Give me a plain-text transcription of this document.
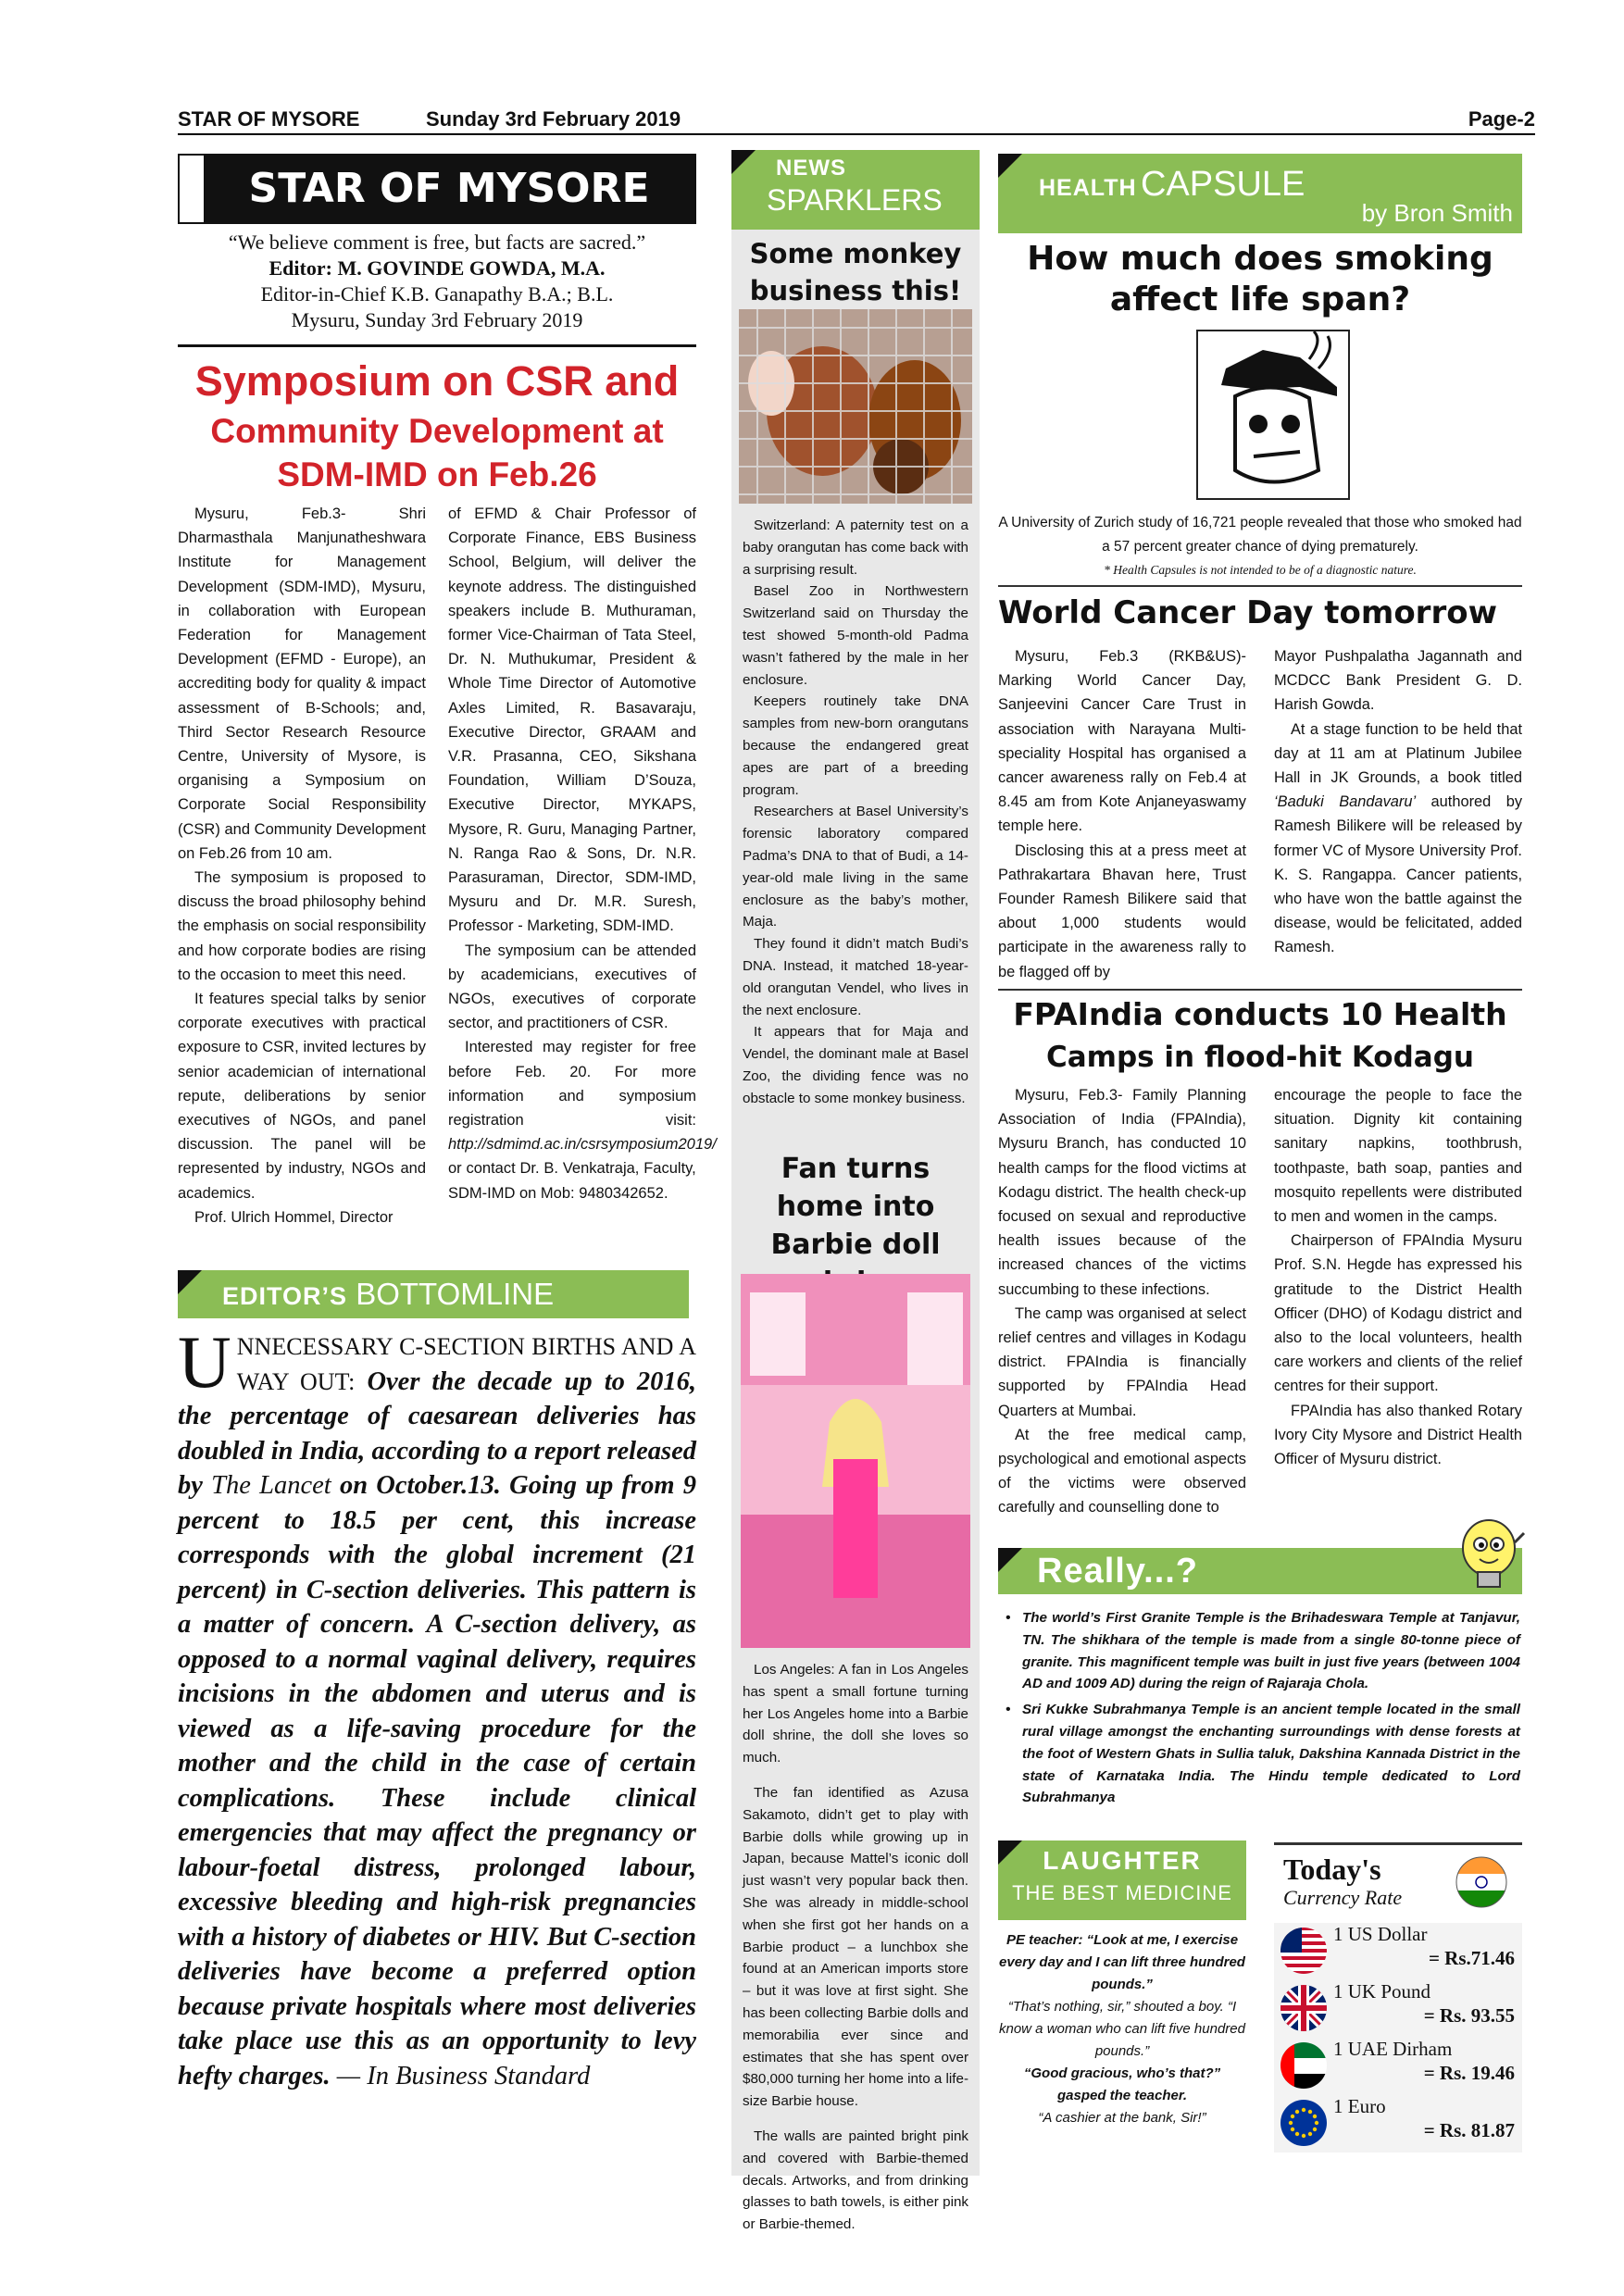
STAR OF MYSORE	Sunday 3rd February 2019	Page-2
STAR OF MYSORE
“We believe comment is free, but facts are sacred.”
Editor: M. GOVINDE GOWDA, M.A.
Editor-in-Chief K.B. Ganapathy B.A.; B.L.
Mysuru, Sunday 3rd February 2019
Symposium on CSR and
Community Development at
SDM-IMD on Feb.26

Mysuru, Feb.3- Shri Dharmasthala Manjunatheshwara Institute for Management Development (SDM-IMD), Mysuru, in collaboration with European Federation for Management Development (EFMD - Europe), an accrediting body for quality & impact assessment of B-Schools; and, Third Sector Research Resource Centre, University of Mysore, is organising a Symposium on Corporate Social Responsibility (CSR) and Community Development on Feb.26 from 10 am.

The symposium is proposed to discuss the broad philosophy behind the emphasis on social responsibility and how corporate bodies are rising to the occasion to meet this need.

It features special talks by senior corporate executives with practical exposure to CSR, invited lectures by senior academician of international repute, deliberations by senior executives of NGOs, and panel discussion. The panel will be represented by industry, NGOs and academics.

Prof. Ulrich Hommel, Director

of EFMD & Chair Professor of Corporate Finance, EBS Business School, Belgium, will deliver the keynote address. The distinguished speakers include B. Muthuraman, former Vice-Chairman of Tata Steel, Dr. N. Muthukumar, President & Whole Time Director of Automotive Axles Limited, R. Basavaraju, Executive Director, GRAAM and V.R. Prasanna, CEO, Sikshana Foundation, William D’Souza, Executive Director, MYKAPS, Mysore, R. Guru, Managing Partner, N. Ranga Rao & Sons, Dr. N.R. Parasuraman, Director, SDM-IMD, Mysuru and Dr. M.R. Suresh, Professor - Marketing, SDM-IMD.

The symposium can be attended by academicians, executives of NGOs, executives of corporate sector, and practitioners of CSR.

Interested may register for free before Feb. 20. For more information and symposium registration visit: http://sdmimd.ac.in/csrsymposium2019/ or contact Dr. B. Venkatraja, Faculty, SDM-IMD on Mob: 9480342652.

EDITOR’S BOTTOMLINE
UNNECESSARY C-SECTION BIRTHS AND A WAY OUT: Over the decade up to 2016, the percentage of caesarean deliveries has doubled in India, according to a report released by The Lancet on October.13. Going up from 9 percent to 18.5 per cent, this increase corresponds with the global increment (21 percent) in C-section deliveries. This pattern is a matter of concern. A C-section delivery, as opposed to a normal vaginal delivery, requires incisions in the abdomen and uterus and is viewed as a life-saving procedure for the mother and the child in the case of certain complications. These include clinical emergencies that may affect the pregnancy or labour-foetal distress, prolonged labour, excessive bleeding and high-risk pregnancies with a history of diabetes or HIV. But C-section deliveries have become a preferred option because private hospitals where most deliveries take place use this as an opportunity to levy hefty charges. — In Business Standard
NEWS
SPARKLERS
Some monkey business this!

Switzerland: A paternity test on a baby orangutan has come back with a surprising result.

Basel Zoo in Northwestern Switzerland said on Thursday the test showed 5-month-old Padma wasn’t fathered by the male in her enclosure.

Keepers routinely take DNA samples from new-born orangutans because the endangered great apes are part of a breeding program.

Researchers at Basel University’s forensic laboratory compared Padma’s DNA to that of Budi, a 14-year-old male living in the same enclosure as the baby’s mother, Maja.

They found it didn’t match Budi’s DNA. Instead, it matched 18-year-old orangutan Vendel, who lives in the next enclosure.

It appears that for Maja and Vendel, the dominant male at Basel Zoo, the dividing fence was no obstacle to some monkey business.

Fan turns home into Barbie doll

Los Angeles: A fan in Los Angeles has spent a small fortune turning her Los Angeles home into a Barbie doll shrine, the doll she loves so much.

The fan identified as Azusa Sakamoto, didn’t get to play with Barbie dolls while growing up in Japan, because Mattel’s iconic doll just wasn’t very popular back then. She was already in middle-school when she first got her hands on a Barbie product – a lunchbox she found at an American imports store – but it was love at first sight. She has been collecting Barbie dolls and memorabilia ever since and estimates that she has spent over $80,000 turning her home into a life-size Barbie house.

The walls are painted bright pink and covered with Barbie-themed decals. Artworks, and from drinking glasses to bath towels, is either pink or Barbie-themed.

HEALTH CAPSULE
by Bron Smith
How much does smoking affect life span?
A University of Zurich study of 16,721 people revealed that those who smoked had a 57 percent greater chance of dying prematurely.
* Health Capsules is not intended to be of a diagnostic nature.
World Cancer Day tomorrow

Mysuru, Feb.3 (RKB&US)- Marking World Cancer Day, Sanjeevini Cancer Care Trust in association with Narayana Multi-speciality Hospital has organised a cancer awareness rally on Feb.4 at 8.45 am from Kote Anjaneyaswamy temple here.

Disclosing this at a press meet at Pathrakartara Bhavan here, Trust Founder Ramesh Bilikere said that about 1,000 students would participate in the awareness rally to be flagged off by

Mayor Pushpalatha Jagannath and MCDCC Bank President G. D. Harish Gowda.

At a stage function to be held that day at 11 am at Platinum Jubilee Hall in JK Grounds, a book titled ‘Baduki Bandavaru’ authored by Ramesh Bilikere will be released by former VC of Mysore University Prof. K. S. Rangappa. Cancer patients, who have won the battle against the disease, would be felicitated, added Ramesh.

FPAIndia conducts 10 Health
Camps in flood-hit Kodagu

Mysuru, Feb.3- Family Planning Association of India (FPAIndia), Mysuru Branch, has conducted 10 health camps for the flood victims at Kodagu district. The health check-up focused on sexual and reproductive health issues because of the increased chances of the victims succumbing to these infections.

The camp was organised at select relief centres and villages in Kodagu district. FPAIndia is financially supported by FPAIndia Head Quarters at Mumbai.

At the free medical camp, psychological and emotional aspects of the victims were observed carefully and counselling done to

encourage the people to face the situation. Dignity kit containing sanitary napkins, toothbrush, toothpaste, bath soap, panties and mosquito repellents were distributed to men and women in the camps.

Chairperson of FPAIndia Mysuru Prof. S.N. Hegde has expressed his gratitude to the District Health Officer (DHO) of Kodagu district and also to the local volunteers, health care workers and clients of the relief centres for their support.

FPAIndia has also thanked Rotary Ivory City Mysore and District Health Officer of Mysuru district.

Really...?
• The world’s First Granite Temple is the Brihadeswara Temple at Tanjavur, TN. The shikhara of the temple is made from a single 80-tonne piece of granite. This magnificent temple was built in just five years (between 1004 AD and 1009 AD) during the reign of Rajaraja Chola.
• Sri Kukke Subrahmanya Temple is an ancient temple located in the small rural village amongst the enchanting surroundings with dense forests at the foot of Western Ghats in Sullia taluk, Dakshina Kannada District in the state of Karnataka India. The Hindu temple dedicated to Lord Subrahmanya
LAUGHTER
THE BEST MEDICINE
PE teacher: “Look at me, I exercise every day and I can lift three hundred pounds.”
“That’s nothing, sir,” shouted a boy. “I know a woman who can lift five hundred pounds.”
“Good gracious, who’s that?” gasped the teacher.
“A cashier at the bank, Sir!”
Today's
Currency Rate
1 US Dollar
= Rs.71.46
1 UK Pound
= Rs. 93.55
1 UAE Dirham
= Rs. 19.46
1 Euro
= Rs. 81.87
